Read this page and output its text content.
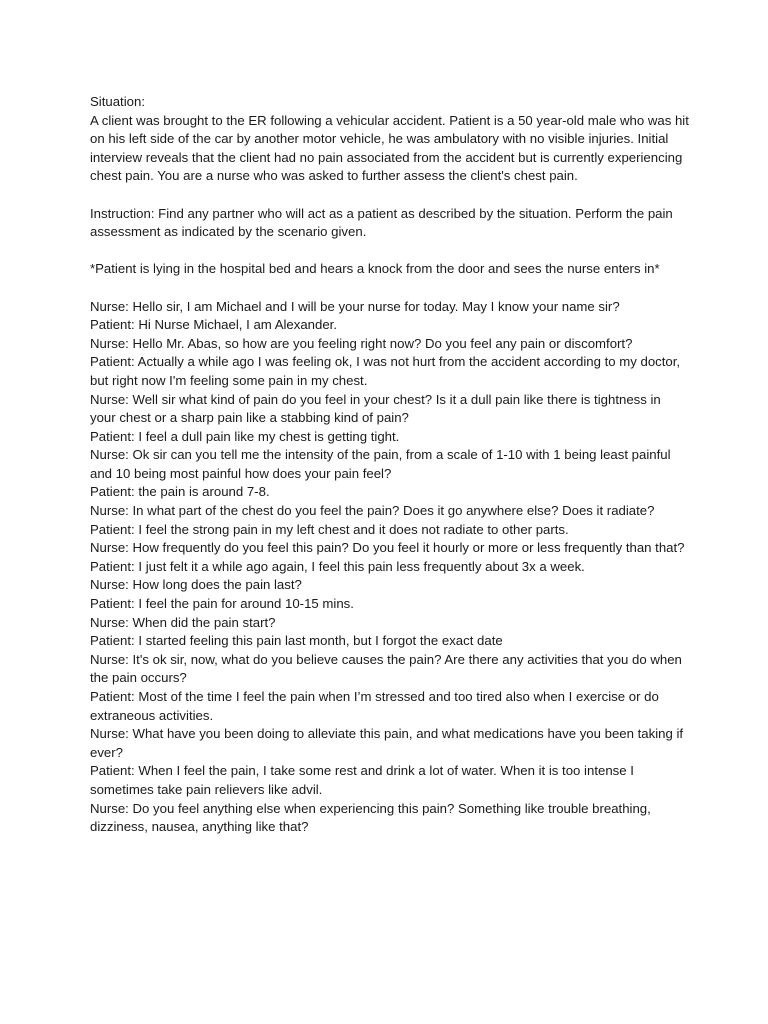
Situation:

A client was brought to the ER following a vehicular accident. Patient is a 50 year-old male who was hit on his left side of the car by another motor vehicle, he was ambulatory with no visible injuries. Initial interview reveals that the client had no pain associated from the accident but is currently experiencing chest pain. You are a nurse who was asked to further assess the client's chest pain.

Instruction: Find any partner who will act as a patient as described by the situation. Perform the pain assessment as indicated by the scenario given.

*Patient is lying in the hospital bed and hears a knock from the door and sees the nurse enters in*

Nurse: Hello sir, I am Michael and I will be your nurse for today. May I know your name sir?

Patient: Hi Nurse Michael, I am Alexander.

Nurse: Hello Mr. Abas, so how are you feeling right now? Do you feel any pain or discomfort?

Patient: Actually a while ago I was feeling ok, I was not hurt from the accident according to my doctor, but right now I'm feeling some pain in my chest.

Nurse: Well sir what kind of pain do you feel in your chest? Is it a dull pain like there is tightness in your chest or a sharp pain like a stabbing kind of pain?

Patient: I feel a dull pain like my chest is getting tight.

Nurse: Ok sir can you tell me the intensity of the pain, from a scale of 1-10 with 1 being least painful and 10 being most painful how does your pain feel?

Patient: the pain is around 7-8.

Nurse: In what part of the chest do you feel the pain? Does it go anywhere else? Does it radiate?

Patient: I feel the strong pain in my left chest and it does not radiate to other parts.

Nurse: How frequently do you feel this pain? Do you feel it hourly or more or less frequently than that?

Patient: I just felt it a while ago again, I feel this pain less frequently about 3x a week.

Nurse: How long does the pain last?

Patient: I feel the pain for around 10-15 mins.

Nurse: When did the pain start?

Patient: I started feeling this pain last month, but I forgot the exact date

Nurse: It's ok sir, now, what do you believe causes the pain? Are there any activities that you do when the pain occurs?

Patient: Most of the time I feel the pain when I’m stressed and too tired also when I exercise or do extraneous activities.

Nurse: What have you been doing to alleviate this pain, and what medications have you been taking if ever?

Patient: When I feel the pain, I take some rest and drink a lot of water. When it is too intense I sometimes take pain relievers like advil.

Nurse: Do you feel anything else when experiencing this pain? Something like trouble breathing, dizziness, nausea, anything like that?
